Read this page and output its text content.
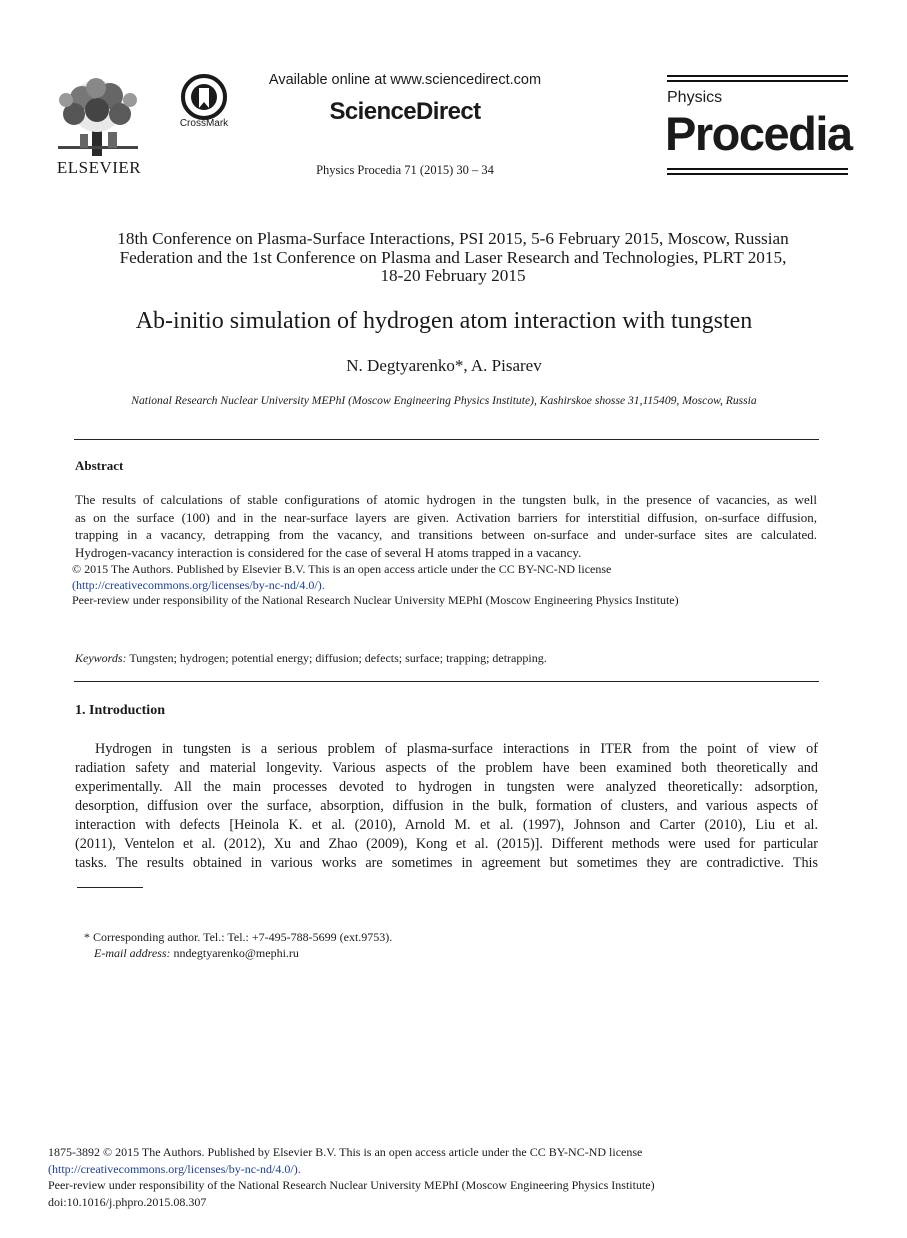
ELSEVIER
CrossMark
Available online at www.sciencedirect.com
ScienceDirect
Physics Procedia 71 (2015) 30 – 34
Physics
Procedia
18th Conference on Plasma-Surface Interactions, PSI 2015, 5-6 February 2015, Moscow, Russian
Federation and the 1st Conference on Plasma and Laser Research and Technologies, PLRT 2015,
18-20 February 2015
Ab-initio simulation of hydrogen atom interaction with tungsten
N. Degtyarenko*, A. Pisarev
National Research Nuclear University MEPhI (Moscow Engineering Physics Institute), Kashirskoe shosse 31,115409, Moscow, Russia
Abstract
The results of calculations of stable configurations of atomic hydrogen in the tungsten bulk, in the presence of vacancies, as well
as on the surface (100) and in the near-surface layers are given. Activation barriers for interstitial diffusion, on-surface diffusion,
trapping in a vacancy, detrapping from the vacancy, and transitions between on-surface and under-surface sites are calculated.
Hydrogen-vacancy interaction is considered for the case of several H atoms trapped in a vacancy.
© 2015 The Authors. Published by Elsevier B.V. This is an open access article under the CC BY-NC-ND license
(http://creativecommons.org/licenses/by-nc-nd/4.0/).
Peer-review under responsibility of the National Research Nuclear University MEPhI (Moscow Engineering Physics Institute)
Keywords: Tungsten; hydrogen; potential energy; diffusion; defects; surface; trapping; detrapping.
1. Introduction
Hydrogen in tungsten is a serious problem of plasma-surface interactions in ITER from the point of view of
radiation safety and material longevity. Various aspects of the problem have been examined both theoretically and
experimentally. All the main processes devoted to hydrogen in tungsten were analyzed theoretically: adsorption,
desorption, diffusion over the surface, absorption, diffusion in the bulk, formation of clusters, and various aspects of
interaction with defects [Heinola K. et al. (2010), Arnold M. et al. (1997), Johnson and Carter (2010), Liu et al.
(2011), Ventelon et al. (2012), Xu and Zhao (2009), Kong et al. (2015)]. Different methods were used for particular
tasks. The results obtained in various works are sometimes in agreement but sometimes they are contradictive. This
* Corresponding author. Tel.: Tel.: +7-495-788-5699 (ext.9753).
E-mail address: nndegtyarenko@mephi.ru
1875-3892 © 2015 The Authors. Published by Elsevier B.V. This is an open access article under the CC BY-NC-ND license
(http://creativecommons.org/licenses/by-nc-nd/4.0/).
Peer-review under responsibility of the National Research Nuclear University MEPhI (Moscow Engineering Physics Institute)
doi:10.1016/j.phpro.2015.08.307
